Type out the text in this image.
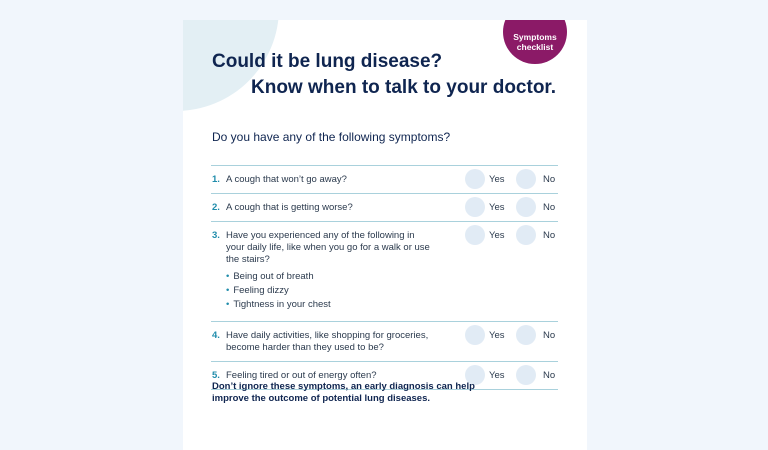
Symptoms
checklist
Could it be lung disease?
Know when to talk to your doctor.
Do you have any of the following symptoms?
1. A cough that won’t go away?	Yes	No
2. A cough that is getting worse?	Yes	No
3. Have you experienced any of the following in your daily life, like when you go for a walk or use the stairs?
• Being out of breath
• Feeling dizzy
• Tightness in your chest
Yes	No
4. Have daily activities, like shopping for groceries, become harder than they used to be?
Yes	No
5. Feeling tired or out of energy often?	Yes	No
Don’t ignore these symptoms, an early diagnosis can help improve the outcome of potential lung diseases.
